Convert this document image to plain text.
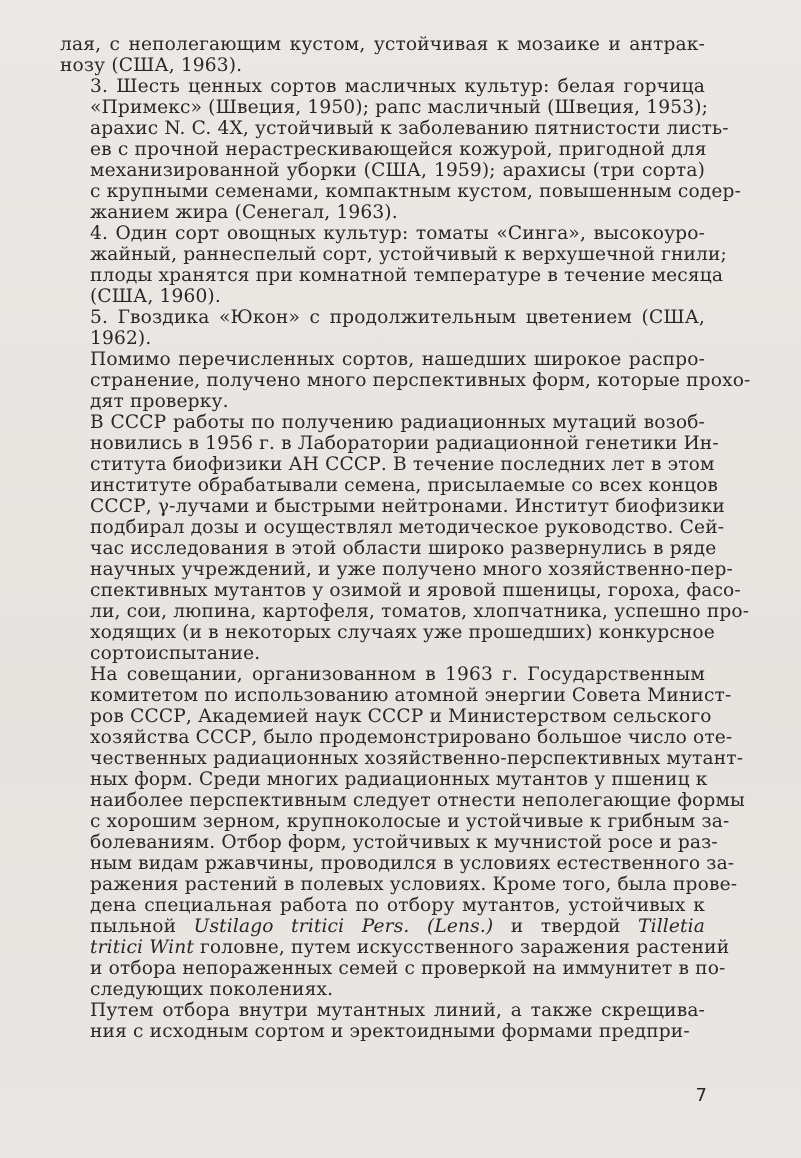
лая, с неполегающим кустом, устойчивая к мозаике и антрак-
нозу (США, 1963).
3. Шесть ценных сортов масличных культур: белая горчица
«Примекс» (Швеция, 1950); рапс масличный (Швеция, 1953);
арахис N. C. 4X, устойчивый к заболеванию пятнистости листь-
ев с прочной нерастрескивающейся кожурой, пригодной для
механизированной уборки (США, 1959); арахисы (три сорта)
с крупными семенами, компактным кустом, повышенным содер-
жанием жира (Сенегал, 1963).
4. Один сорт овощных культур: томаты «Синга», высокоуро-
жайный, раннеспелый сорт, устойчивый к верхушечной гнили;
плоды хранятся при комнатной температуре в течение месяца
(США, 1960).
5. Гвоздика «Юкон» с продолжительным цветением (США,
1962).
Помимо перечисленных сортов, нашедших широкое распро-
странение, получено много перспективных форм, которые прохо-
дят проверку.
В СССР работы по получению радиационных мутаций возоб-
новились в 1956 г. в Лаборатории радиационной генетики Ин-
ститута биофизики АН СССР. В течение последних лет в этом
институте обрабатывали семена, присылаемые со всех концов
СССР, γ-лучами и быстрыми нейтронами. Институт биофизики
подбирал дозы и осуществлял методическое руководство. Сей-
час исследования в этой области широко развернулись в ряде
научных учреждений, и уже получено много хозяйственно-пер-
спективных мутантов у озимой и яровой пшеницы, гороха, фасо-
ли, сои, люпина, картофеля, томатов, хлопчатника, успешно про-
ходящих (и в некоторых случаях уже прошедших) конкурсное
сортоиспытание.
На совещании, организованном в 1963 г. Государственным
комитетом по использованию атомной энергии Совета Минист-
ров СССР, Академией наук СССР и Министерством сельского
хозяйства СССР, было продемонстрировано большое число оте-
чественных радиационных хозяйственно-перспективных мутант-
ных форм. Среди многих радиационных мутантов у пшениц к
наиболее перспективным следует отнести неполегающие формы
с хорошим зерном, крупноколосые и устойчивые к грибным за-
болеваниям. Отбор форм, устойчивых к мучнистой росе и раз-
ным видам ржавчины, проводился в условиях естественного за-
ражения растений в полевых условиях. Кроме того, была прове-
дена специальная работа по отбору мутантов, устойчивых к
пыльной Ustilago tritici Pers. (Lens.) и твердой Tilletia
tritici Wint головне, путем искусственного заражения растений
и отбора непораженных семей с проверкой на иммунитет в по-
следующих поколениях.
Путем отбора внутри мутантных линий, а также скрещива-
ния с исходным сортом и эректоидными формами предпри-
7
